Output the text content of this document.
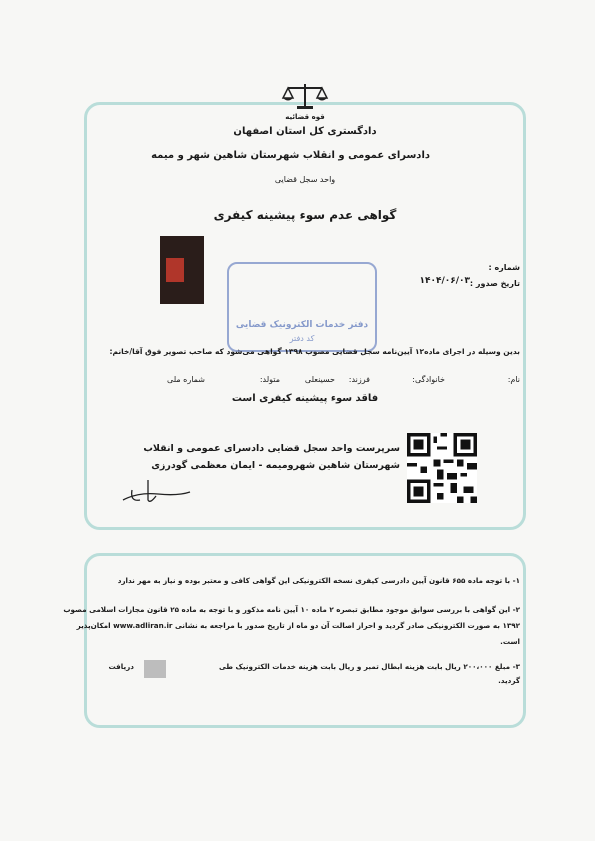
قوه قضائیه
دادگستری کل استان اصفهان
دادسرای عمومی و انقلاب شهرستان شاهین شهر و میمه
واحد سجل قضایی
گواهی عدم سوء پیشینه کیفری
شماره :
تاریخ صدور :
۱۴۰۴/۰۶/۰۳
دفتر خدمات الکترونیک قضایی
کد دفتر
بدین وسیله در اجرای ماده۱۲ آیین‌نامه سجل قضایی مصوب ۱۳۹۸ گواهی می‌شود که صاحب تصویر فوق آقا/خانم:
نام:
خانوادگی:
فرزند:
حسینعلی
متولد:
شماره ملی
فاقد سوء پیشینه کیفری است
سرپرست واحد سجل قضایی دادسرای عمومی و انقلاب
شهرستان شاهین شهرومیمه - ایمان معظمی گودرزی
۱- با توجه ماده ۶۵۵ قانون آیین دادرسی کیفری نسخه الکترونیکی این گواهی کافی و معتبر بوده و نیاز به مهر ندارد
۲- این گواهی با بررسی سوابق موجود مطابق تبصره ۲ ماده ۱۰ آیین نامه مذکور و با توجه به ماده ۲۵ قانون مجازات اسلامی مصوب
۱۳۹۲ به صورت الکترونیکی صادر گردید و احراز اصالت آن دو ماه از تاریخ صدور با مراجعه به نشانی www.adliran.ir امکان‌پذیر
است.
۳- مبلغ ۲۰۰،۰۰۰ ریال بابت هزینه ابطال تمبر و ریال بابت هزینه خدمات الکترونیک طی
دریافت
گردید.
